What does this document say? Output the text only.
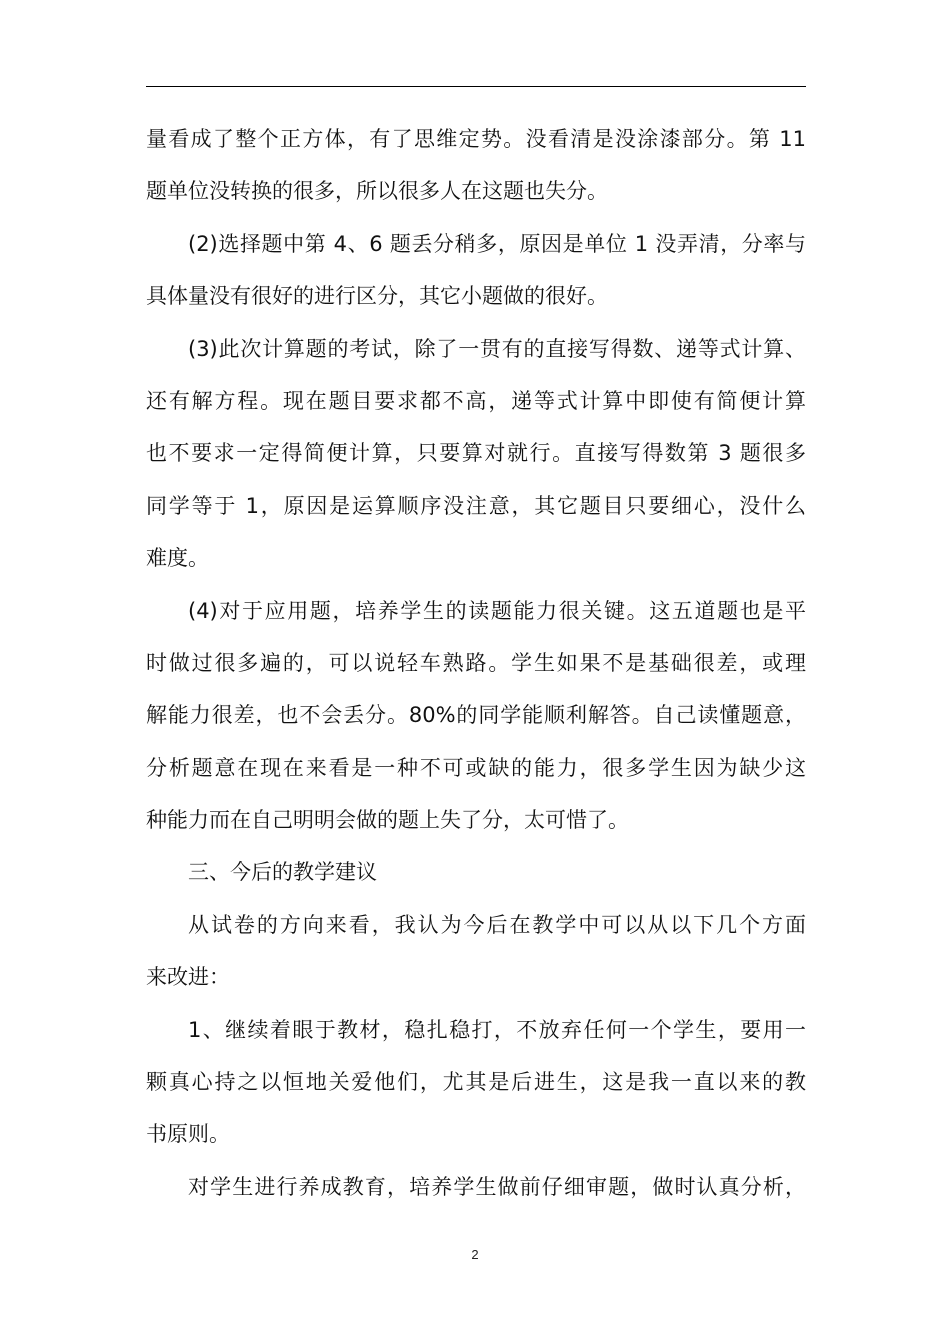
量看成了整个正方体，有了思维定势。没看清是没涂漆部分。第 11
题单位没转换的很多，所以很多人在这题也失分。
(2)选择题中第 4、6 题丢分稍多，原因是单位 1 没弄清，分率与
具体量没有很好的进行区分，其它小题做的很好。
(3)此次计算题的考试，除了一贯有的直接写得数、递等式计算、
还有解方程。现在题目要求都不高，递等式计算中即使有简便计算
也不要求一定得简便计算，只要算对就行。直接写得数第 3 题很多
同学等于 1，原因是运算顺序没注意，其它题目只要细心，没什么
难度。
(4)对于应用题，培养学生的读题能力很关键。这五道题也是平
时做过很多遍的，可以说轻车熟路。学生如果不是基础很差，或理
解能力很差，也不会丢分。80%的同学能顺利解答。自己读懂题意，
分析题意在现在来看是一种不可或缺的能力，很多学生因为缺少这
种能力而在自己明明会做的题上失了分，太可惜了。
三、今后的教学建议
从试卷的方向来看，我认为今后在教学中可以从以下几个方面
来改进：
1、继续着眼于教材，稳扎稳打，不放弃任何一个学生，要用一
颗真心持之以恒地关爱他们，尤其是后进生，这是我一直以来的教
书原则。
对学生进行养成教育，培养学生做前仔细审题，做时认真分析，
2
